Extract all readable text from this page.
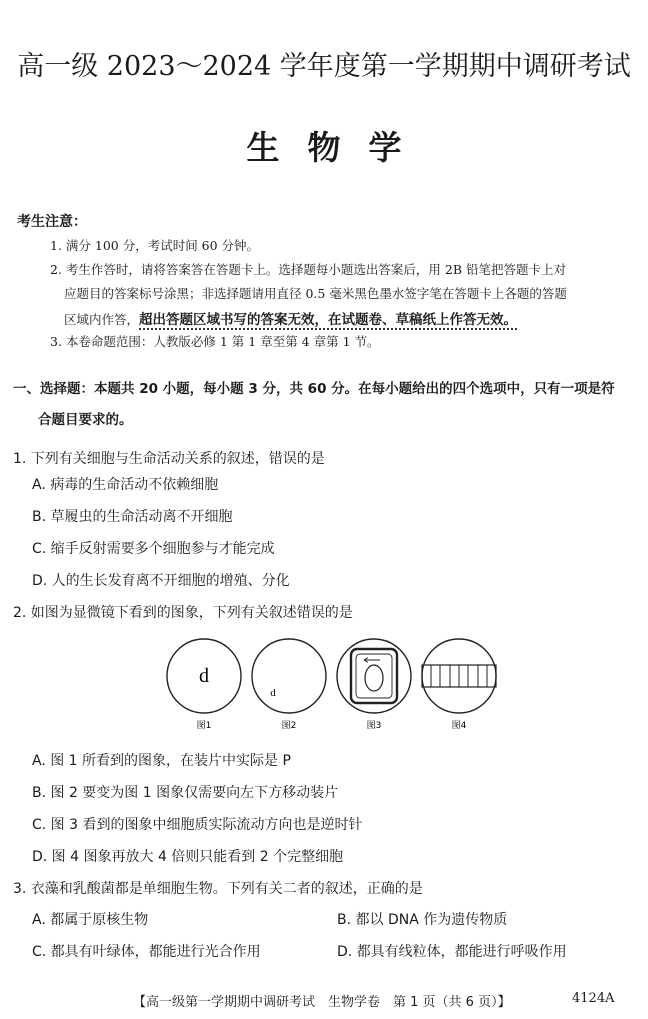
高一级 2023～2024 学年度第一学期期中调研考试
生物学
考生注意：
1. 满分 100 分，考试时间 60 分钟。
2. 考生作答时，请将答案答在答题卡上。选择题每小题选出答案后，用 2B 铅笔把答题卡上对
应题目的答案标号涂黑；非选择题请用直径 0.5 毫米黑色墨水签字笔在答题卡上各题的答题
区域内作答，超出答题区域书写的答案无效，在试题卷、草稿纸上作答无效。
3. 本卷命题范围：人教版必修 1 第 1 章至第 4 章第 1 节。
一、选择题：本题共 20 小题，每小题 3 分，共 60 分。在每小题给出的四个选项中，只有一项是符
合题目要求的。
1. 下列有关细胞与生命活动关系的叙述，错误的是
A. 病毒的生命活动不依赖细胞
B. 草履虫的生命活动离不开细胞
C. 缩手反射需要多个细胞参与才能完成
D. 人的生长发育离不开细胞的增殖、分化
2. 如图为显微镜下看到的图象，下列有关叙述错误的是
d
d
图1	图2	图3	图4
A. 图 1 所看到的图象，在装片中实际是 P
B. 图 2 要变为图 1 图象仅需要向左下方移动装片
C. 图 3 看到的图象中细胞质实际流动方向也是逆时针
D. 图 4 图象再放大 4 倍则只能看到 2 个完整细胞
3. 衣藻和乳酸菌都是单细胞生物。下列有关二者的叙述，正确的是
A. 都属于原核生物	B. 都以 DNA 作为遗传物质
C. 都具有叶绿体，都能进行光合作用	D. 都具有线粒体，都能进行呼吸作用
【高一级第一学期期中调研考试　生物学卷　第 1 页（共 6 页）】	4124A
